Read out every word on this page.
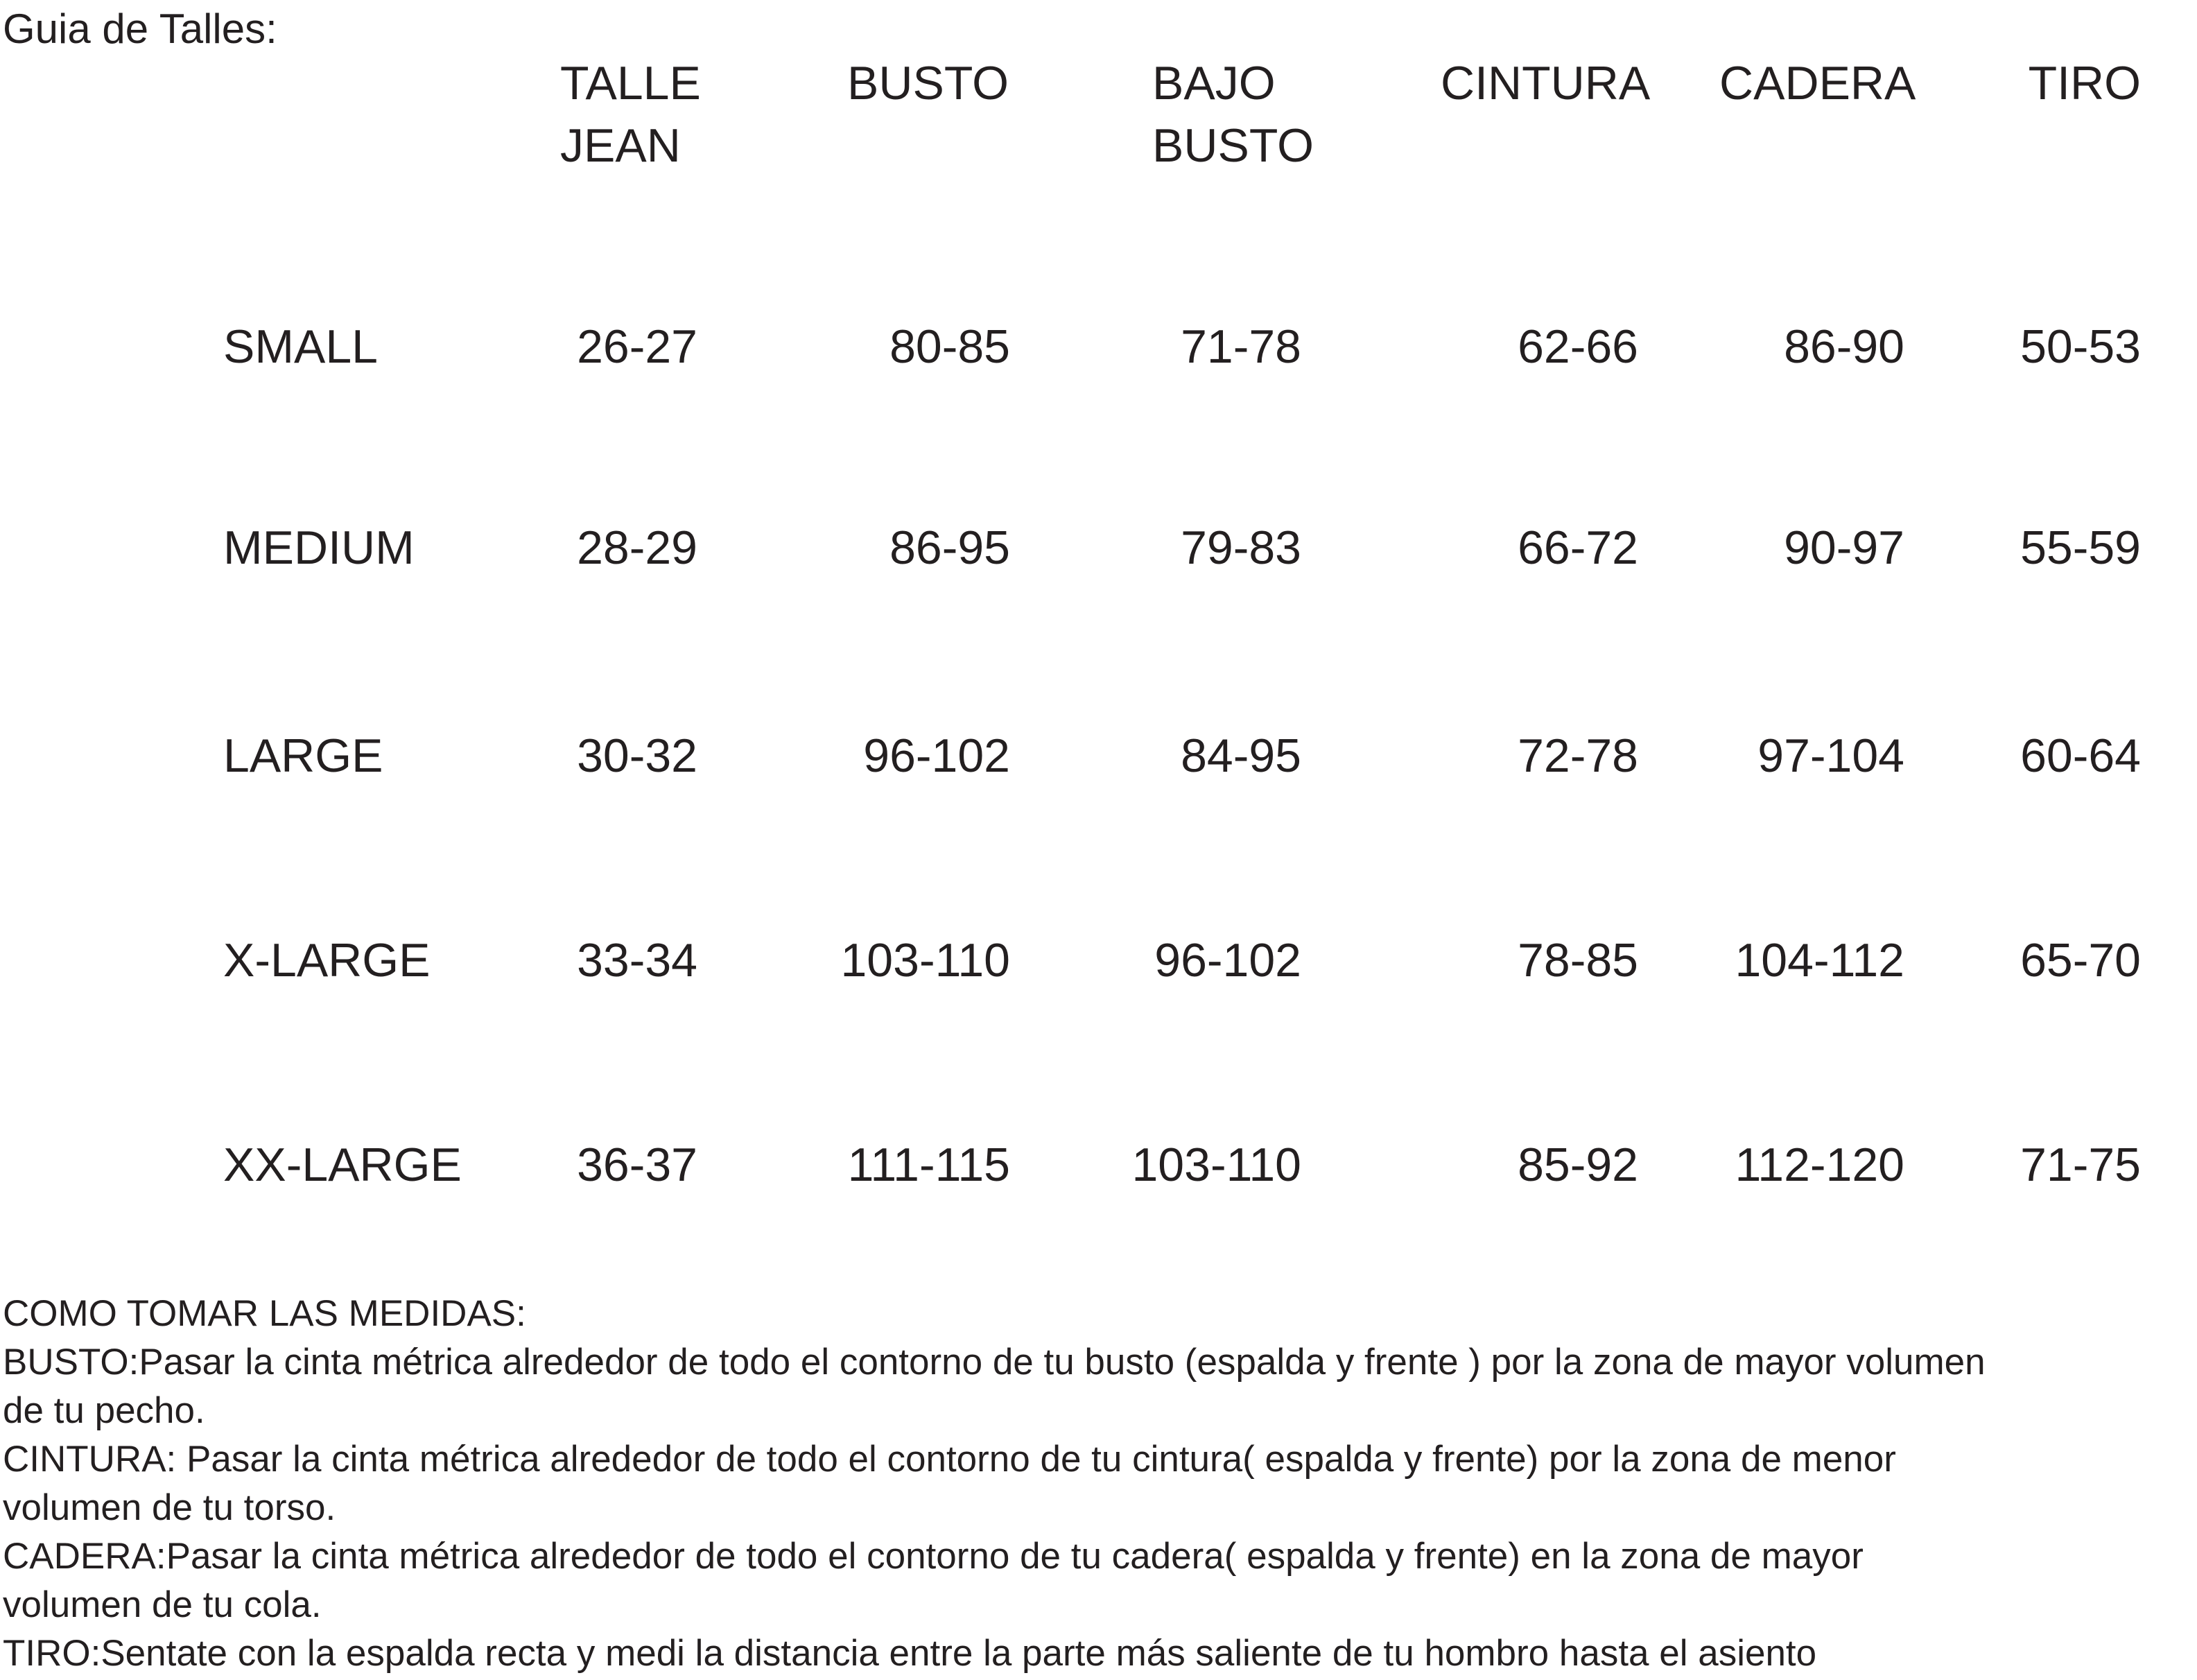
Guia de Talles:
TALLE
JEAN
BUSTO	BAJO
BUSTO
CINTURA CADERA TIRO
SMALL	26-27	80-85	71-78	62-66	86-90 50-53
MEDIUM	28-29	86-95	79-83	66-72	90-97 55-59
LARGE	30-32	96-102	84-95	72-78	97-104 60-64
X-LARGE	33-34	103-110	96-102	78-85 104-112 65-70
XX-LARGE 36-37	111-115	103-110	85-92 112-120 71-75
COMO TOMAR LAS MEDIDAS:
BUSTO:Pasar la cinta métrica alrededor de todo el contorno de tu busto (espalda y frente ) por la zona de mayor volumen
de tu pecho.
CINTURA: Pasar la cinta métrica alrededor de todo el contorno de tu cintura( espalda y frente) por la zona de menor
volumen de tu torso.
CADERA:Pasar la cinta métrica alrededor de todo el contorno de tu cadera( espalda y frente) en la zona de mayor
volumen de tu cola.
TIRO:Sentate con la espalda recta y medi la distancia entre la parte más saliente de tu hombro hasta el asiento
